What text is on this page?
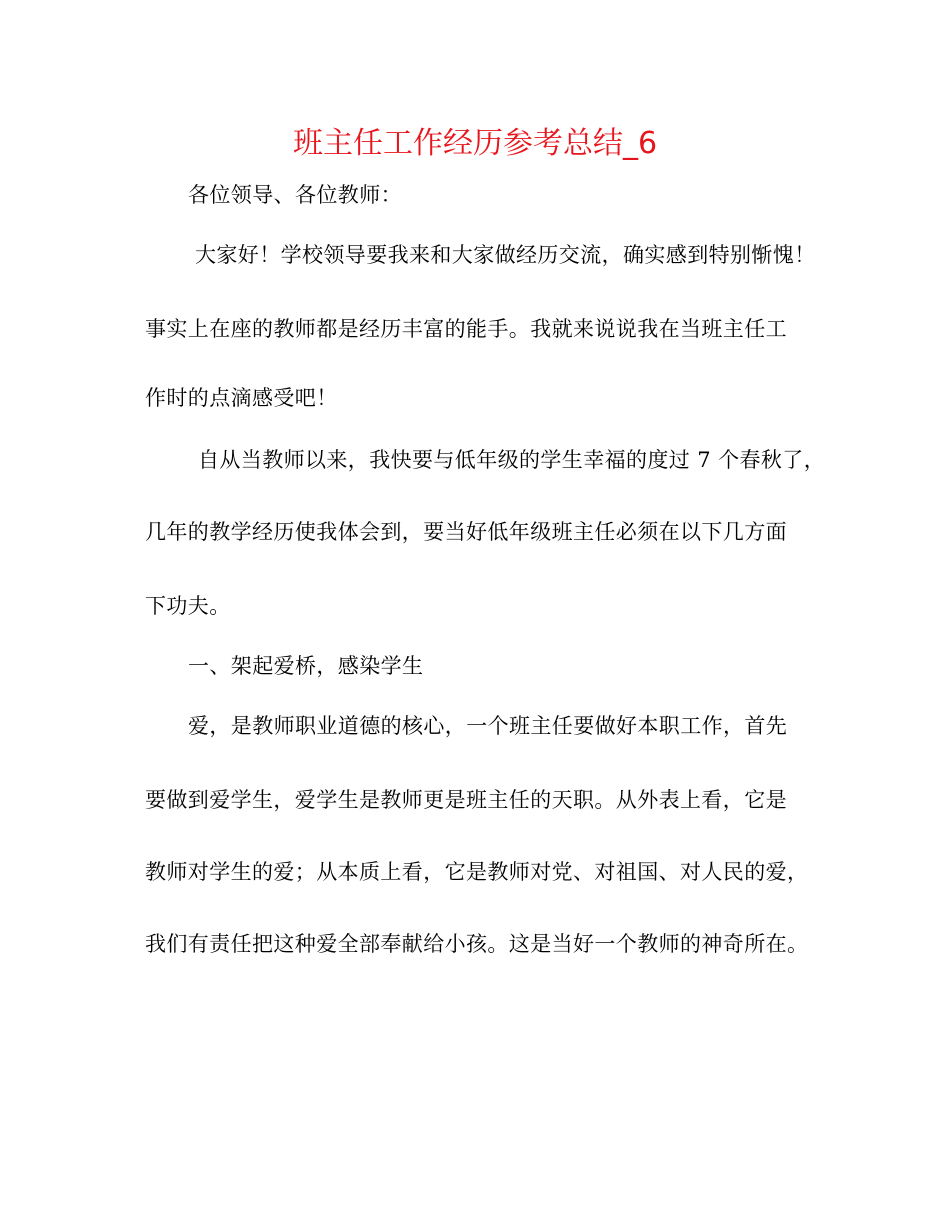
班主任工作经历参考总结_6
各位领导、各位教师：
大家好！学校领导要我来和大家做经历交流，确实感到特别惭愧！
事实上在座的教师都是经历丰富的能手。我就来说说我在当班主任工
作时的点滴感受吧！
自从当教师以来，我快要与低年级的学生幸福的度过 7 个春秋了，
几年的教学经历使我体会到，要当好低年级班主任必须在以下几方面
下功夫。
一、架起爱桥，感染学生
爱，是教师职业道德的核心，一个班主任要做好本职工作，首先
要做到爱学生，爱学生是教师更是班主任的天职。从外表上看，它是
教师对学生的爱；从本质上看，它是教师对党、对祖国、对人民的爱，
我们有责任把这种爱全部奉献给小孩。这是当好一个教师的神奇所在。
